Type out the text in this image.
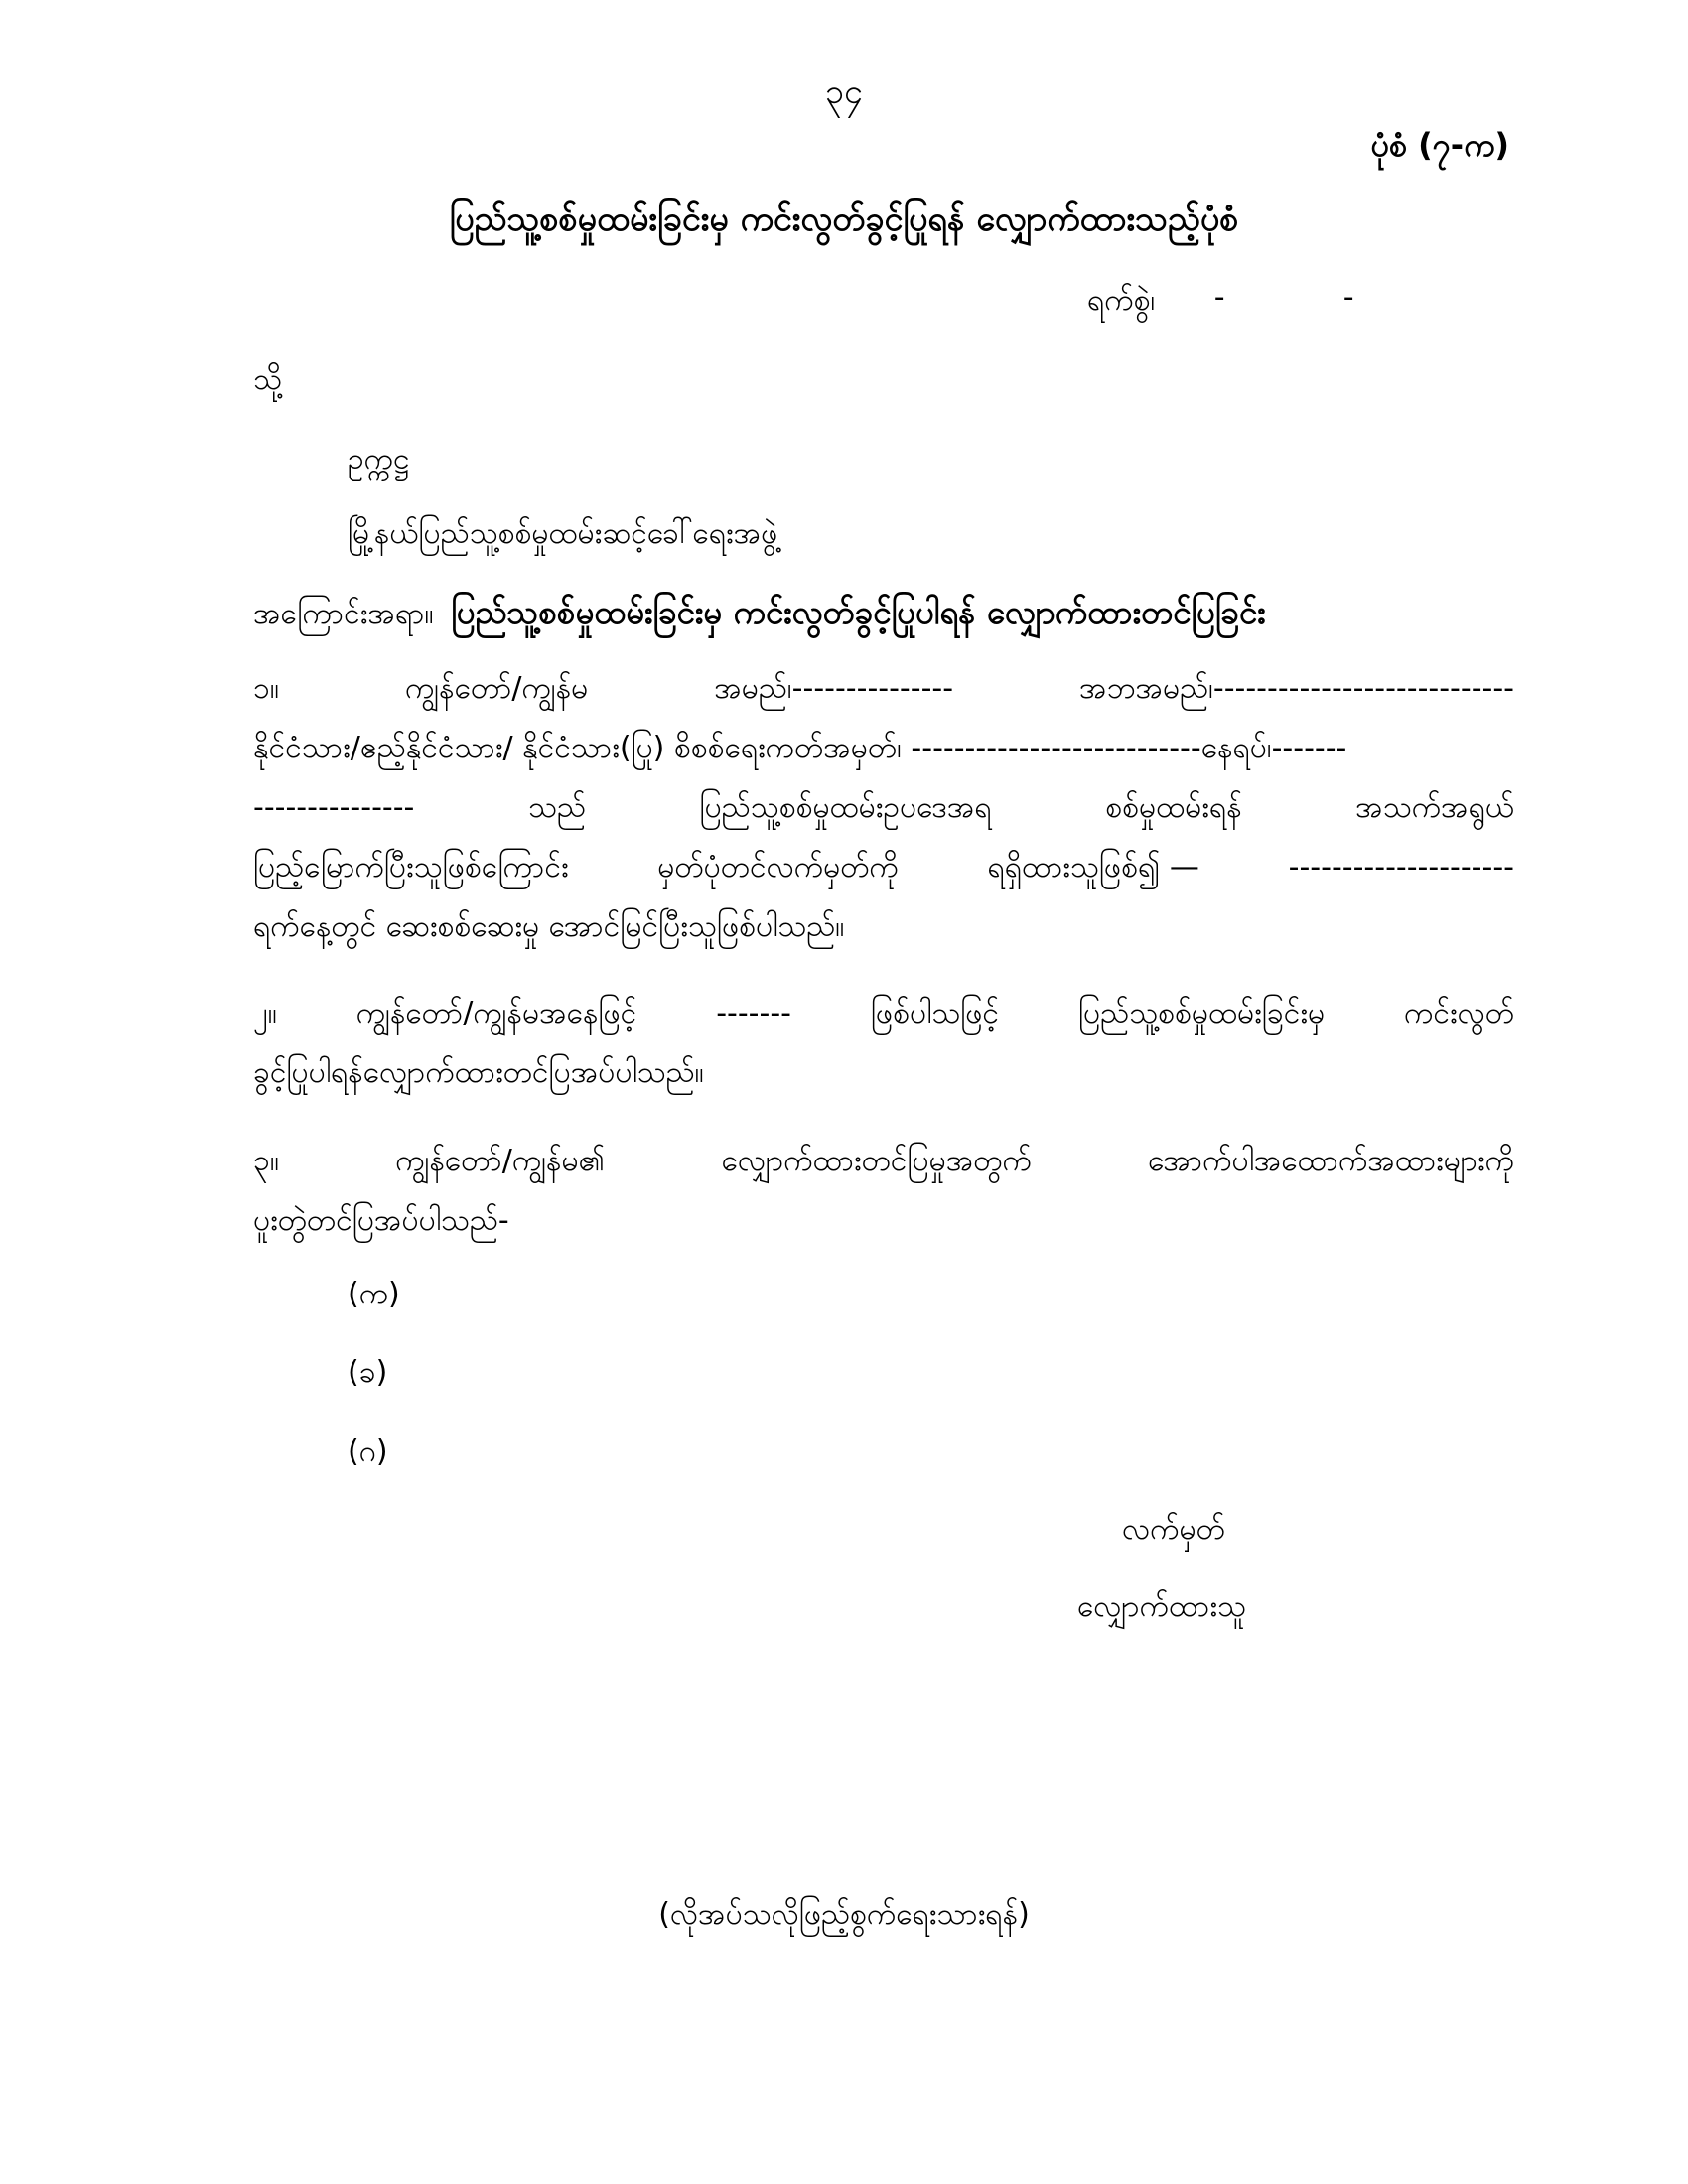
၃၄
ပုံစံ (၇-က)
ပြည်သူ့စစ်မှုထမ်းခြင်းမှ ကင်းလွတ်ခွင့်ပြုရန် လျှောက်ထားသည့်ပုံစံ
ရက်စွဲ၊	-	-
သို့
ဥက္ကဋ္ဌ
မြို့နယ်ပြည်သူ့စစ်မှုထမ်းဆင့်ခေါ်ရေးအဖွဲ့
အကြောင်းအရာ။ ပြည်သူ့စစ်မှုထမ်းခြင်းမှ ကင်းလွတ်ခွင့်ပြုပါရန် လျှောက်ထားတင်ပြခြင်း
၁။	ကျွန်တော်/ကျွန်မ	အမည်၊---------------	အဘအမည်၊----------------------------
နိုင်ငံသား/ဧည့်နိုင်ငံသား/ နိုင်ငံသား(ပြု) စိစစ်ရေးကတ်အမှတ်၊ ---------------------------နေရပ်၊-------
---------------	သည်	ပြည်သူ့စစ်မှုထမ်းဥပဒေအရ	စစ်မှုထမ်းရန်	အသက်အရွယ်
ပြည့်မြောက်ပြီးသူဖြစ်ကြောင်း	မှတ်ပုံတင်လက်မှတ်ကို	ရရှိထားသူဖြစ်၍ —	---------------------
ရက်နေ့တွင် ဆေးစစ်ဆေးမှု အောင်မြင်ပြီးသူဖြစ်ပါသည်။
၂။	ကျွန်တော်/ကျွန်မအနေဖြင့်	-------	ဖြစ်ပါသဖြင့်	ပြည်သူ့စစ်မှုထမ်းခြင်းမှ	ကင်းလွတ်
ခွင့်ပြုပါရန်လျှောက်ထားတင်ပြအပ်ပါသည်။
၃။	ကျွန်တော်/ကျွန်မ၏	လျှောက်ထားတင်ပြမှုအတွက်	အောက်ပါအထောက်အထားများကို
ပူးတွဲတင်ပြအပ်ပါသည်-
(က)
(ခ)
(ဂ)
လက်မှတ်
လျှောက်ထားသူ
(လိုအပ်သလိုဖြည့်စွက်ရေးသားရန်)
